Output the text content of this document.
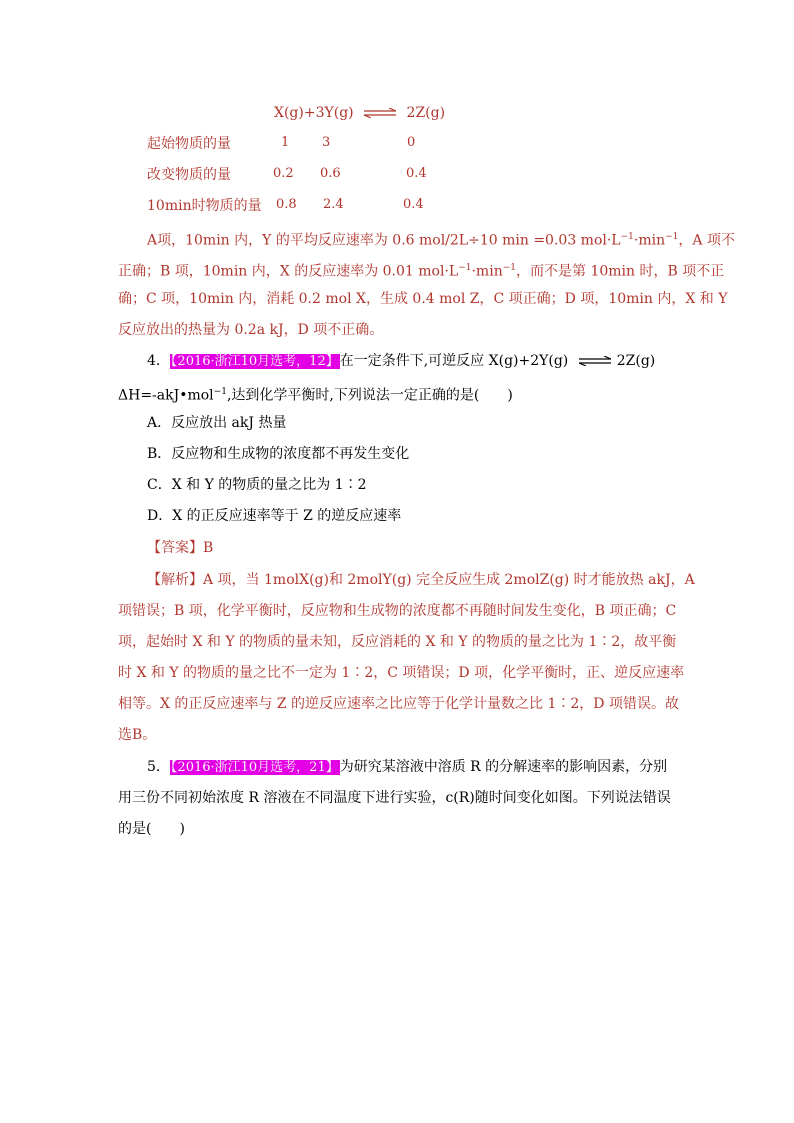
X(g)+3Y(g) ⇌ 2Z(g)
起始物质的量	1	3	0
改变物质的量	0.2 0.6	0.4
10min时物质的量 0.8 2.4	0.4
A项，10min 内，Y 的平均反应速率为 0.6 mol/2L÷10 min =0.03 $mol\cdot L^{-1}\cdot\min^{-1}$，A 项不
正确；B 项，10min 内，X 的反应速率为 0.01 $mol\cdot L^{-1}\cdot\min^{-1}$，而不是第 10min 时，B 项不正
确；C 项，10min 内，消耗 0.2 mol X，生成 0.4 mol Z，C 项正确；D 项，10min 内，X 和 Y
反应放出的热量为 0.2a kJ，D 项不正确。
4．【2016·浙江10月选考，12】在一定条件下,可逆反应 X(g)+2Y(g) ⇌ 2Z(g)
ΔH=-akJ•mol$^{-1}$,达到化学平衡时,下列说法一定正确的是(　　)
A．反应放出 akJ 热量
B．反应物和生成物的浓度都不再发生变化
C．X 和 Y 的物质的量之比为 1∶2
D．X 的正反应速率等于 Z 的逆反应速率
【答案】B
【解析】A 项，当 1molX(g)和 2molY(g) 完全反应生成 2molZ(g) 时才能放热 akJ，A
项错误；B 项，化学平衡时，反应物和生成物的浓度都不再随时间发生变化，B 项正确；C
项，起始时 X 和 Y 的物质的量未知，反应消耗的 X 和 Y 的物质的量之比为 1∶2，故平衡
时 X 和 Y 的物质的量之比不一定为 1∶2，C 项错误；D 项，化学平衡时，正、逆反应速率
相等。X 的正反应速率与 Z 的逆反应速率之比应等于化学计量数之比 1∶2，D 项错误。故
选B。
5．【2016·浙江10月选考，21】为研究某溶液中溶质 R 的分解速率的影响因素，分别
用三份不同初始浓度 R 溶液在不同温度下进行实验，c(R)随时间变化如图。下列说法错误
的是(　　)
